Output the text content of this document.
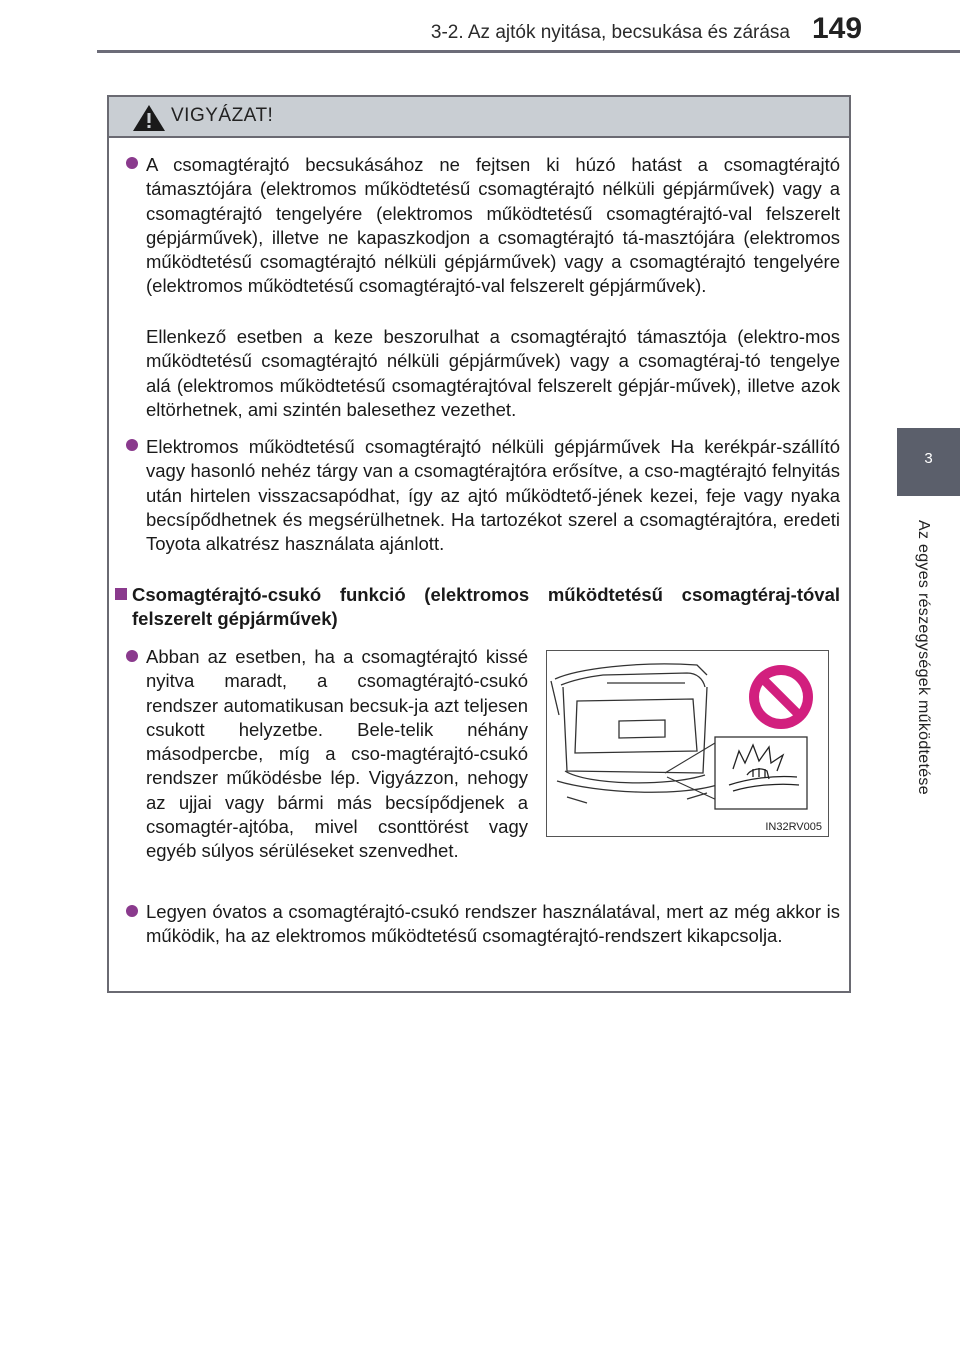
3-2. Az ajtók nyitása, becsukása és zárása 149
3
Az egyes részegységek működtetése
VIGYÁZAT!
A csomagtérajtó becsukásához ne fejtsen ki húzó hatást a csomagtérajtó támasztójára (elektromos működtetésű csomagtérajtó nélküli gépjárművek) vagy a csomagtérajtó tengelyére (elektromos működtetésű csomagtérajtó-val felszerelt gépjárművek), illetve ne kapaszkodjon a csomagtérajtó tá-masztójára (elektromos működtetésű csomagtérajtó nélküli gépjárművek) vagy a csomagtérajtó tengelyére (elektromos működtetésű csomagtérajtó-val felszerelt gépjárművek).
Ellenkező esetben a keze beszorulhat a csomagtérajtó támasztója (elektro-mos működtetésű csomagtérajtó nélküli gépjárművek) vagy a csomagtéraj-tó tengelye alá (elektromos működtetésű csomagtérajtóval felszerelt gépjár-művek), illetve azok eltörhetnek, ami szintén balesethez vezethet.
Elektromos működtetésű csomagtérajtó nélküli gépjárművek Ha kerékpár-szállító vagy hasonló nehéz tárgy van a csomagtérajtóra erősítve, a cso-magtérajtó felnyitás után hirtelen visszacsapódhat, így az ajtó működtető-jének kezei, feje vagy nyaka becsípődhetnek és megsérülhetnek. Ha tartozékot szerel a csomagtérajtóra, eredeti Toyota alkatrész használata ajánlott.
Csomagtérajtó-csukó funkció (elektromos működtetésű csomagtéraj-tóval felszerelt gépjárművek)
Abban az esetben, ha a csomagtérajtó kissé nyitva maradt, a csomagtérajtó-csukó rendszer automatikusan becsuk-ja azt teljesen csukott helyzetbe. Bele-telik néhány másodpercbe, míg a cso-magtérajtó-csukó rendszer működésbe lép. Vigyázzon, nehogy az ujjai vagy bármi más becsípődjenek a csomagtér-ajtóba, mivel csonttörést vagy egyéb súlyos sérüléseket szenvedhet.
IN32RV005
Legyen óvatos a csomagtérajtó-csukó rendszer használatával, mert az még akkor is működik, ha az elektromos működtetésű csomagtérajtó-rendszert kikapcsolja.
